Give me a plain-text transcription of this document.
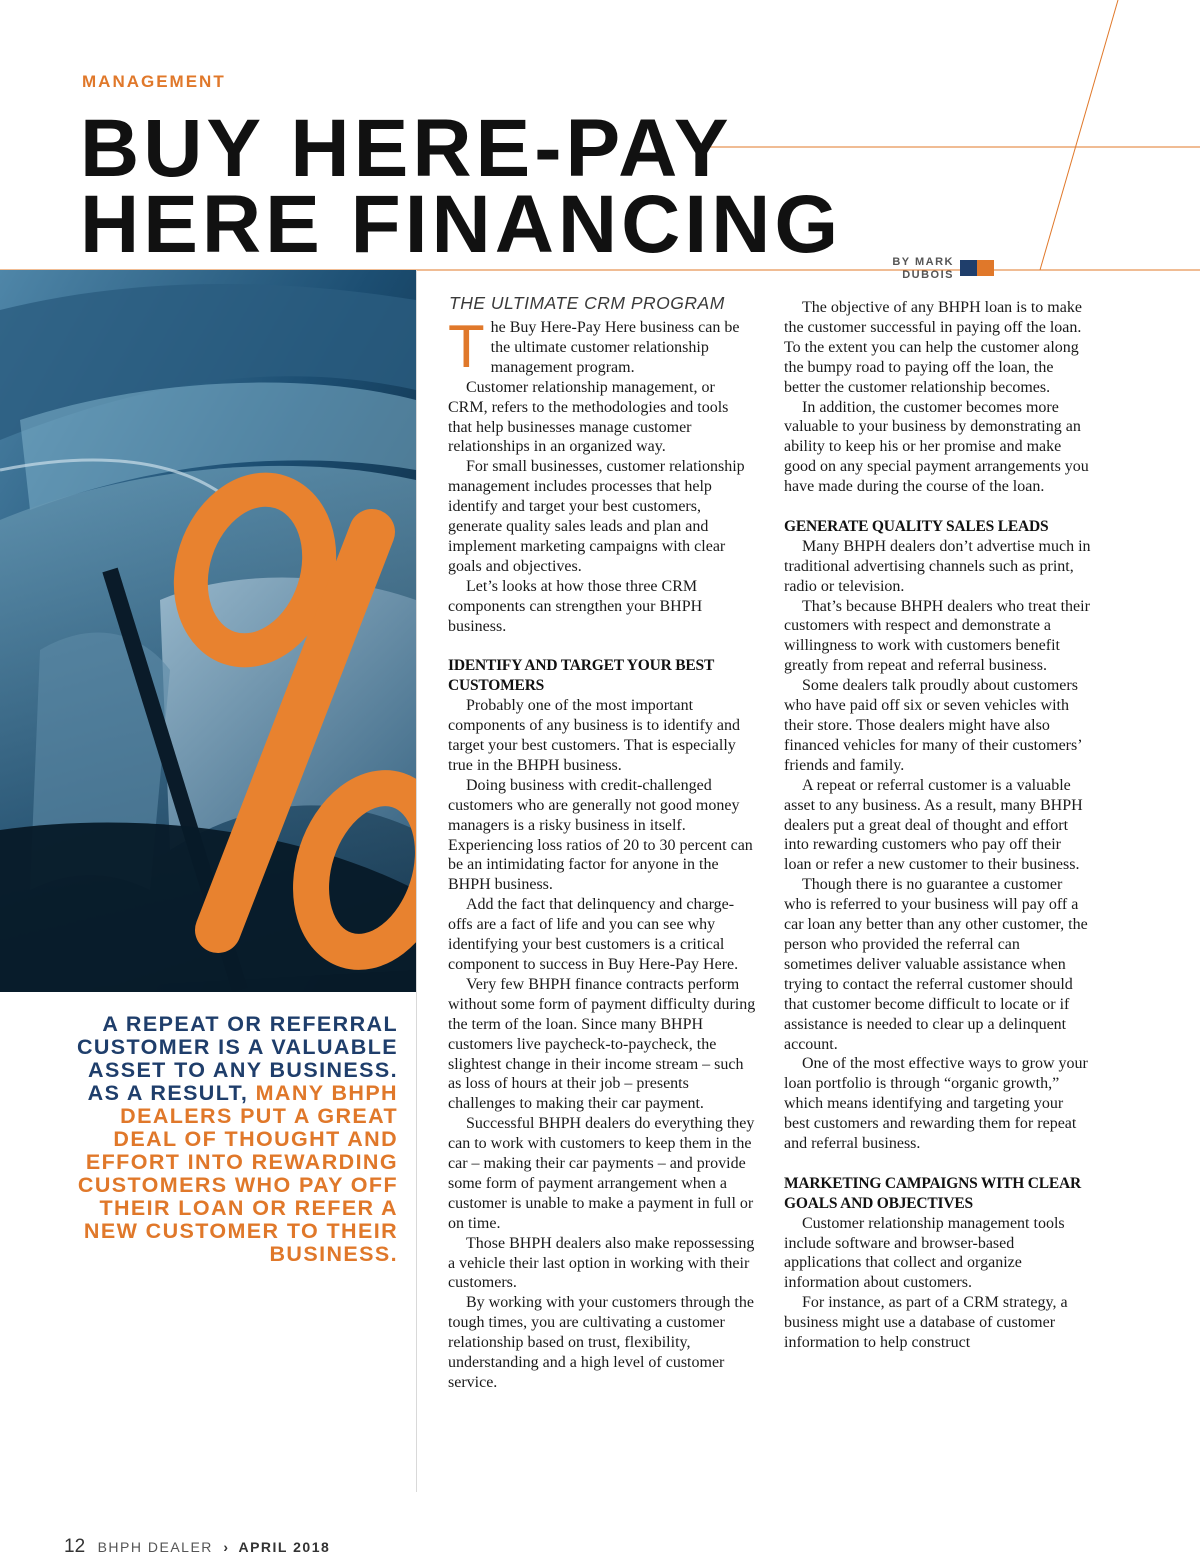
MANAGEMENT
BUY HERE-PAY
HERE FINANCING	BY MARK
DUBOIS
A REPEAT OR REFERRAL CUSTOMER IS A VALUABLE ASSET TO ANY BUSINESS. AS A RESULT, MANY BHPH DEALERS PUT A GREAT DEAL OF THOUGHT AND EFFORT INTO REWARDING CUSTOMERS WHO PAY OFF THEIR LOAN OR REFER A NEW CUSTOMER TO THEIR BUSINESS.
THE ULTIMATE CRM PROGRAM

The Buy Here-Pay Here business can be the ultimate customer relationship management program.

Customer relationship management, or CRM, refers to the methodologies and tools that help businesses manage customer relationships in an organized way.

For small businesses, customer relationship management includes processes that help identify and target your best customers, generate quality sales leads and plan and implement marketing campaigns with clear goals and objectives.

Let’s looks at how those three CRM components can strengthen your BHPH business.

IDENTIFY AND TARGET YOUR BEST CUSTOMERS

Probably one of the most important components of any business is to identify and target your best customers. That is especially true in the BHPH business.

Doing business with credit-challenged customers who are generally not good money managers is a risky business in itself. Experiencing loss ratios of 20 to 30 percent can be an intimidating factor for anyone in the BHPH business.

Add the fact that delinquency and charge-offs are a fact of life and you can see why identifying your best customers is a critical component to success in Buy Here-Pay Here.

Very few BHPH finance contracts perform without some form of payment difficulty during the term of the loan. Since many BHPH customers live paycheck-to-paycheck, the slightest change in their income stream – such as loss of hours at their job – presents challenges to making their car payment.

Successful BHPH dealers do everything they can to work with customers to keep them in the car – making their car payments – and provide some form of payment arrangement when a customer is unable to make a payment in full or on time.

Those BHPH dealers also make repossessing a vehicle their last option in working with their customers.

By working with your customers through the tough times, you are cultivating a customer relationship based on trust, flexibility, understanding and a high level of customer service.

The objective of any BHPH loan is to make the customer successful in paying off the loan. To the extent you can help the customer along the bumpy road to paying off the loan, the better the customer relationship becomes.

In addition, the customer becomes more valuable to your business by demonstrating an ability to keep his or her promise and make good on any special payment arrangements you have made during the course of the loan.

GENERATE QUALITY SALES LEADS

Many BHPH dealers don’t advertise much in traditional advertising channels such as print, radio or television.

That’s because BHPH dealers who treat their customers with respect and demonstrate a willingness to work with customers benefit greatly from repeat and referral business.

Some dealers talk proudly about customers who have paid off six or seven vehicles with their store. Those dealers might have also financed vehicles for many of their customers’ friends and family.

A repeat or referral customer is a valuable asset to any business. As a result, many BHPH dealers put a great deal of thought and effort into rewarding customers who pay off their loan or refer a new customer to their business.

Though there is no guarantee a customer who is referred to your business will pay off a car loan any better than any other customer, the person who provided the referral can sometimes deliver valuable assistance when trying to contact the referral customer should that customer become difficult to locate or if assistance is needed to clear up a delinquent account.

One of the most effective ways to grow your loan portfolio is through “organic growth,” which means identifying and targeting your best customers and rewarding them for repeat and referral business.

MARKETING CAMPAIGNS WITH CLEAR GOALS AND OBJECTIVES

Customer relationship management tools include software and browser-based applications that collect and organize information about customers.

For instance, as part of a CRM strategy, a business might use a database of customer information to help construct

12 BHPH DEALER › APRIL 2018
